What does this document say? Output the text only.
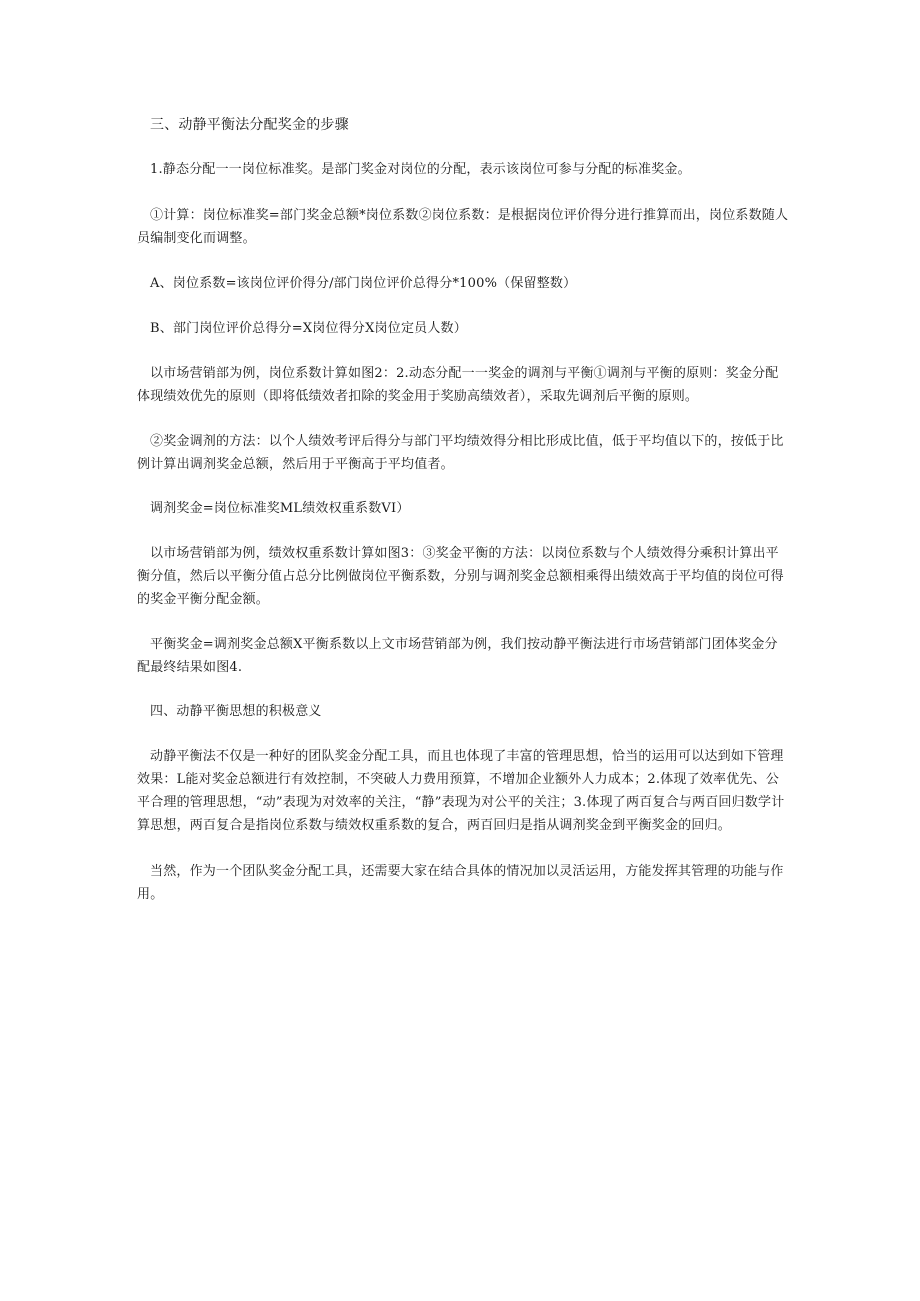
三、动静平衡法分配奖金的步骤

1.静态分配一一岗位标准奖。是部门奖金对岗位的分配，表示该岗位可参与分配的标准奖金。

①计算：岗位标准奖=部门奖金总额*岗位系数②岗位系数：是根据岗位评价得分进行推算而出，岗位系数随人员编制变化而调整。

A、岗位系数=该岗位评价得分/部门岗位评价总得分*100%（保留整数）

B、部门岗位评价总得分=X岗位得分X岗位定员人数）

以市场营销部为例，岗位系数计算如图2：2.动态分配一一奖金的调剂与平衡①调剂与平衡的原则：奖金分配体现绩效优先的原则（即将低绩效者扣除的奖金用于奖励高绩效者），采取先调剂后平衡的原则。

②奖金调剂的方法：以个人绩效考评后得分与部门平均绩效得分相比形成比值，低于平均值以下的，按低于比例计算出调剂奖金总额，然后用于平衡高于平均值者。

调剂奖金=岗位标准奖ML绩效权重系数VI）

以市场营销部为例，绩效权重系数计算如图3：③奖金平衡的方法：以岗位系数与个人绩效得分乘积计算出平衡分值，然后以平衡分值占总分比例做岗位平衡系数，分别与调剂奖金总额相乘得出绩效高于平均值的岗位可得的奖金平衡分配金额。

平衡奖金=调剂奖金总额X平衡系数以上文市场营销部为例，我们按动静平衡法进行市场营销部门团体奖金分配最终结果如图4.

四、动静平衡思想的积极意义

动静平衡法不仅是一种好的团队奖金分配工具，而且也体现了丰富的管理思想，恰当的运用可以达到如下管理效果：L能对奖金总额进行有效控制，不突破人力费用预算，不增加企业额外人力成本；2.体现了效率优先、公平合理的管理思想，“动”表现为对效率的关注，“静”表现为对公平的关注；3.体现了两百复合与两百回归数学计算思想，两百复合是指岗位系数与绩效权重系数的复合，两百回归是指从调剂奖金到平衡奖金的回归。

当然，作为一个团队奖金分配工具，还需要大家在结合具体的情况加以灵活运用，方能发挥其管理的功能与作用。
